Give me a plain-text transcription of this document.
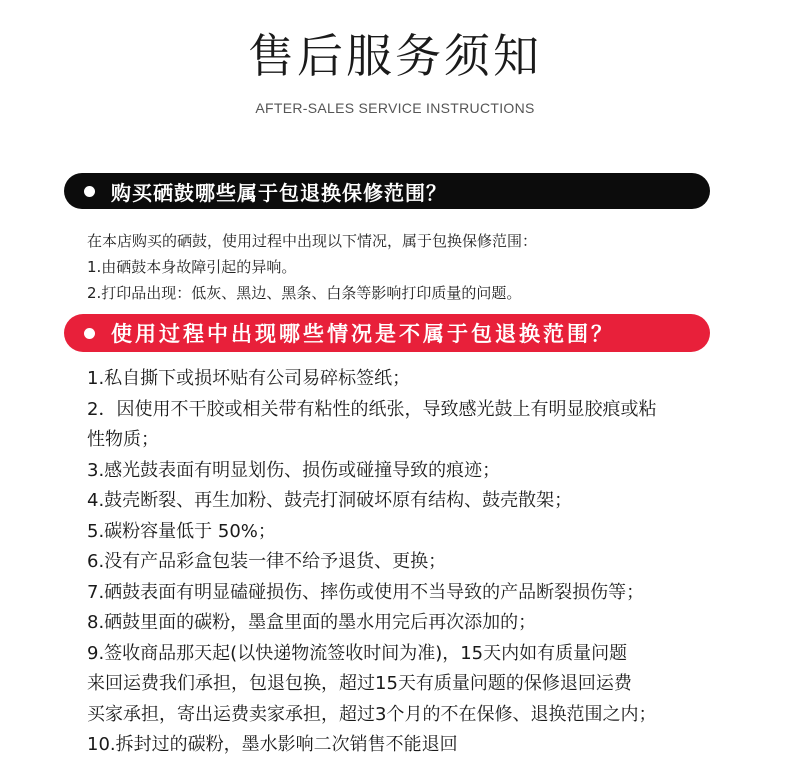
售后服务须知
AFTER-SALES SERVICE INSTRUCTIONS
购买硒鼓哪些属于包退换保修范围？
在本店购买的硒鼓，使用过程中出现以下情况，属于包换保修范围：
1.由硒鼓本身故障引起的异响。
2.打印品出现：低灰、黑边、黑条、白条等影响打印质量的问题。
使用过程中出现哪些情况是不属于包退换范围？
1.私自撕下或损坏贴有公司易碎标签纸；
2．因使用不干胶或相关带有粘性的纸张，导致感光鼓上有明显胶痕或粘
性物质；
3.感光鼓表面有明显划伤、损伤或碰撞导致的痕迹；
4.鼓壳断裂、再生加粉、鼓壳打洞破坏原有结构、鼓壳散架；
5.碳粉容量低于 50%；
6.没有产品彩盒包装一律不给予退货、更换；
7.硒鼓表面有明显磕碰损伤、摔伤或使用不当导致的产品断裂损伤等；
8.硒鼓里面的碳粉，墨盒里面的墨水用完后再次添加的；
9.签收商品那天起(以快递物流签收时间为准)，15天内如有质量问题
来回运费我们承担，包退包换，超过15天有质量问题的保修退回运费
买家承担，寄出运费卖家承担，超过3个月的不在保修、退换范围之内；
10.拆封过的碳粉，墨水影响二次销售不能退回
